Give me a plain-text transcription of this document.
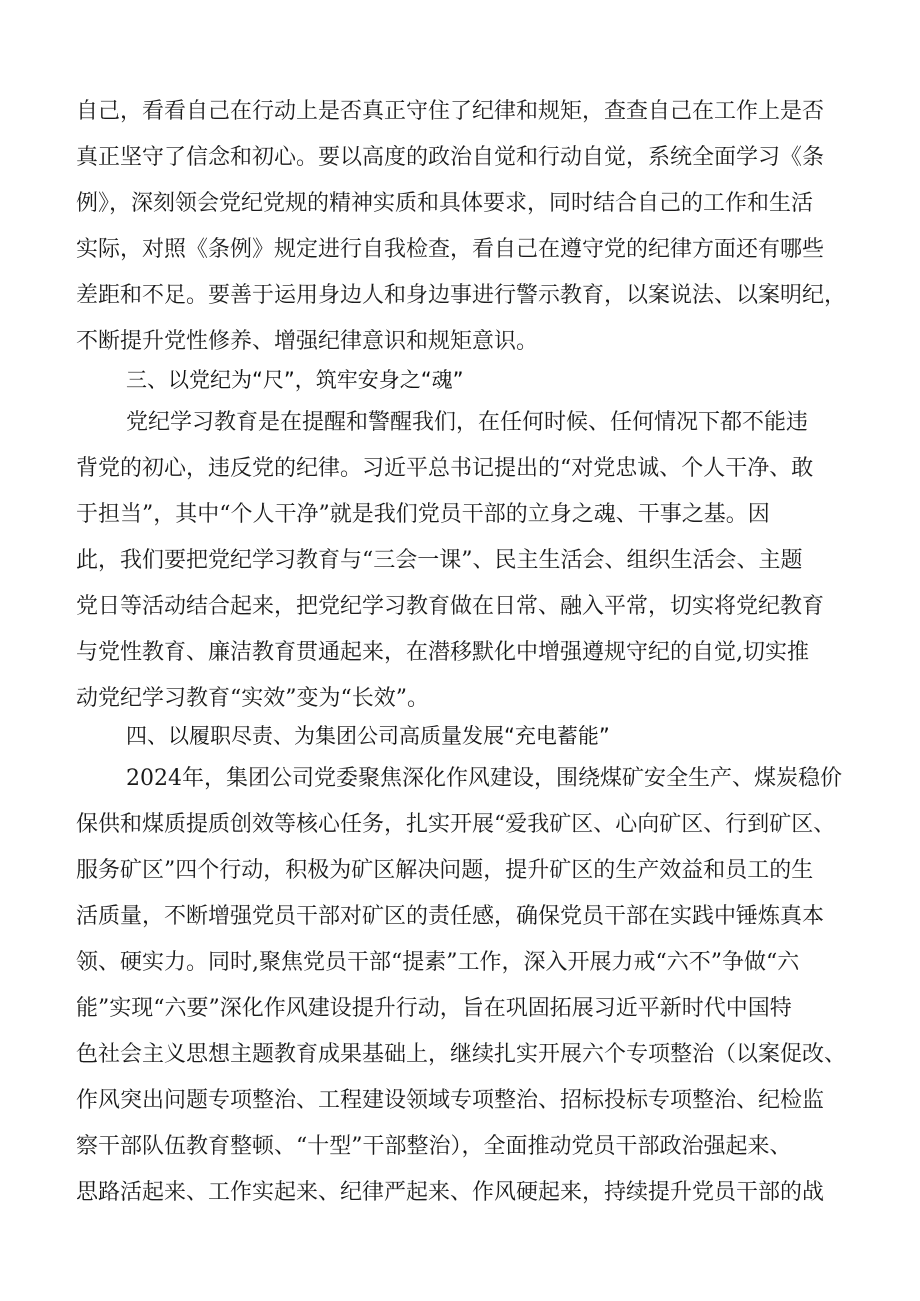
自己，看看自己在行动上是否真正守住了纪律和规矩，查查自己在工作上是否
真正坚守了信念和初心。要以高度的政治自觉和行动自觉，系统全面学习《条
例》，深刻领会党纪党规的精神实质和具体要求，同时结合自己的工作和生活
实际，对照《条例》规定进行自我检查，看自己在遵守党的纪律方面还有哪些
差距和不足。要善于运用身边人和身边事进行警示教育，以案说法、以案明纪，
不断提升党性修养、增强纪律意识和规矩意识。
三、以党纪为“尺”，筑牢安身之“魂”
党纪学习教育是在提醒和警醒我们，在任何时候、任何情况下都不能违
背党的初心，违反党的纪律。习近平总书记提出的“对党忠诚、个人干净、敢
于担当”，其中“个人干净”就是我们党员干部的立身之魂、干事之基。因
此，我们要把党纪学习教育与“三会一课”、民主生活会、组织生活会、主题
党日等活动结合起来，把党纪学习教育做在日常、融入平常，切实将党纪教育
与党性教育、廉洁教育贯通起来，在潜移默化中增强遵规守纪的自觉,切实推
动党纪学习教育“实效”变为“长效”。
四、以履职尽责、为集团公司高质量发展“充电蓄能”
2024年，集团公司党委聚焦深化作风建设，围绕煤矿安全生产、煤炭稳价
保供和煤质提质创效等核心任务，扎实开展“爱我矿区、心向矿区、行到矿区、
服务矿区”四个行动，积极为矿区解决问题，提升矿区的生产效益和员工的生
活质量，不断增强党员干部对矿区的责任感，确保党员干部在实践中锤炼真本
领、硬实力。同时,聚焦党员干部“提素”工作，深入开展力戒“六不”争做“六
能”实现“六要”深化作风建设提升行动，旨在巩固拓展习近平新时代中国特
色社会主义思想主题教育成果基础上，继续扎实开展六个专项整治（以案促改、
作风突出问题专项整治、工程建设领域专项整治、招标投标专项整治、纪检监
察干部队伍教育整顿、“十型”干部整治），全面推动党员干部政治强起来、
思路活起来、工作实起来、纪律严起来、作风硬起来，持续提升党员干部的战
